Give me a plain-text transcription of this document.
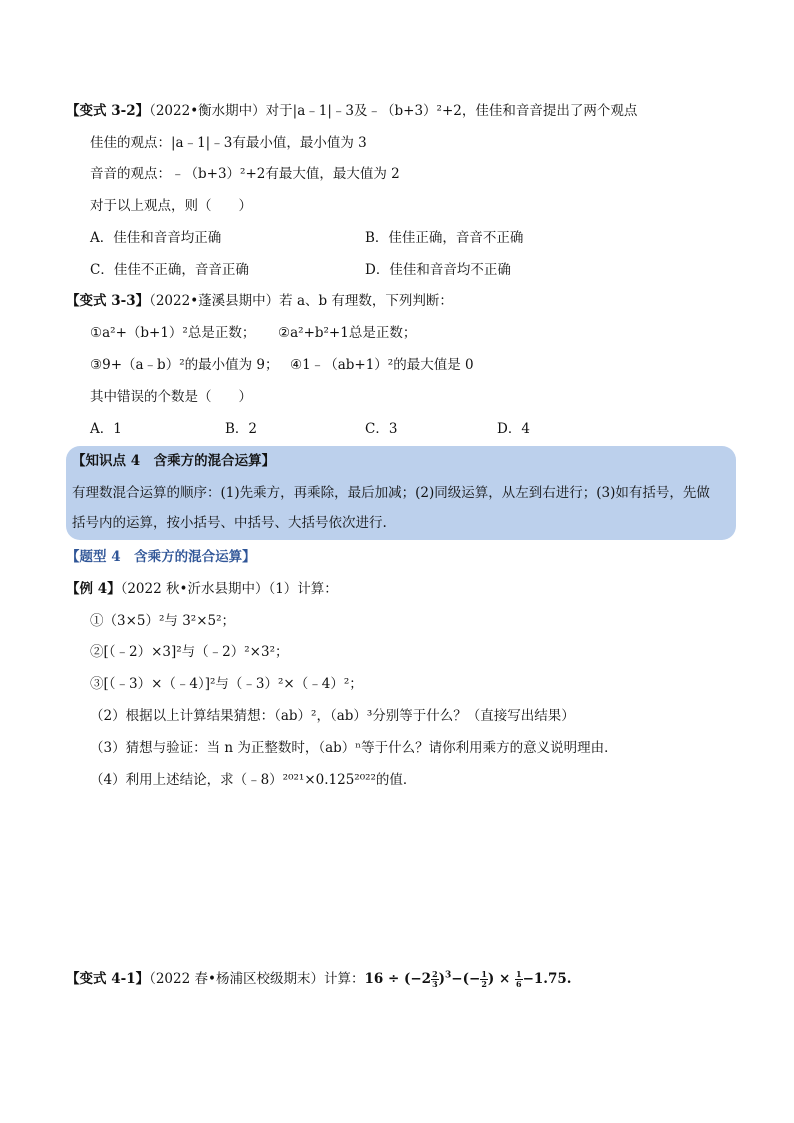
【变式 3-2】（2022•衡水期中）对于|a﹣1|﹣3及﹣（b+3）²+2，佳佳和音音提出了两个观点
佳佳的观点：|a﹣1|﹣3有最小值，最小值为 3
音音的观点：﹣（b+3）²+2有最大值，最大值为 2
对于以上观点，则（　　）
A．佳佳和音音均正确	B．佳佳正确，音音不正确
C．佳佳不正确，音音正确	D．佳佳和音音均不正确
【变式 3-3】（2022•蓬溪县期中）若 a、b 有理数，下列判断：
①a²+（b+1）²总是正数； ②a²+b²+1总是正数；
③9+（a﹣b）²的最小值为 9； ④1﹣（ab+1）²的最大值是 0
其中错误的个数是（　　）
A．1	B．2	C．3	D．4
【知识点 4　含乘方的混合运算】
有理数混合运算的顺序：(1)先乘方，再乘除，最后加减；(2)同级运算，从左到右进行；(3)如有括号，先做
括号内的运算，按小括号、中括号、大括号依次进行.
【题型 4　含乘方的混合运算】
【例 4】（2022 秋•沂水县期中）（1）计算：
①（3×5）²与 3²×5²；
②[（﹣2）×3]²与（﹣2）²×3²；
③[（﹣3）×（﹣4）]²与（﹣3）²×（﹣4）²；
（2）根据以上计算结果猜想：（ab）²，（ab）³分别等于什么？（直接写出结果）
（3）猜想与验证：当 n 为正整数时，（ab）ⁿ等于什么？请你利用乘方的意义说明理由．
（4）利用上述结论，求（﹣8）²⁰²¹×0.125²⁰²²的值．
【变式 4-1】（2022 春•杨浦区校级期末）计算：$16 \div (-2 \frac{2}{3} )^3-(- \frac{1}{2}$ ) × $\frac{1}{6} -1.75$.
